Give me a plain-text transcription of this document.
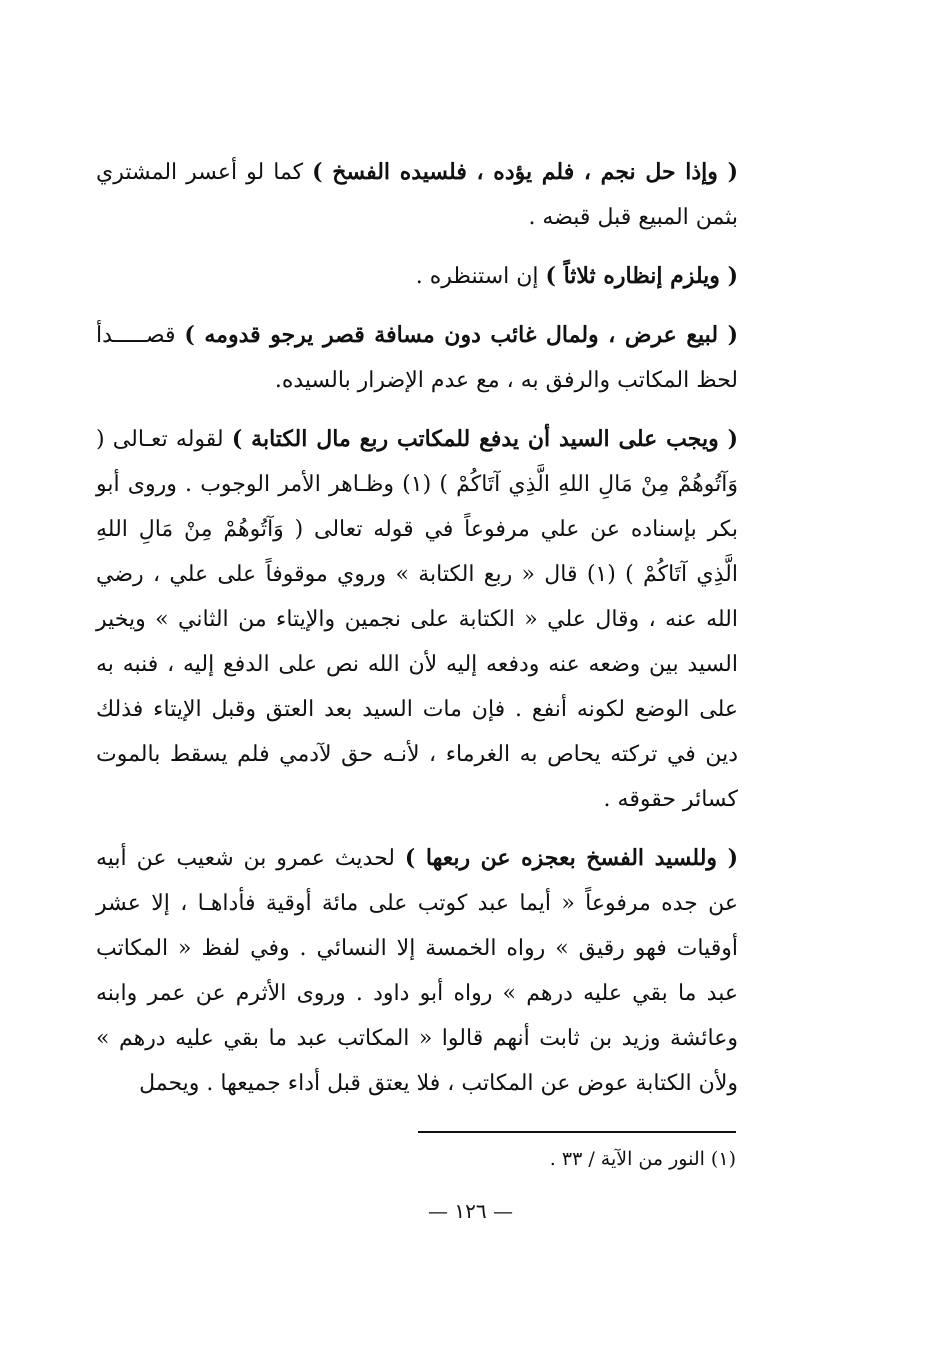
( وإذا حل نجم ، فلم يؤده ، فلسيده الفسخ ) كما لو أعسر المشتري بثمن المبيع قبل قبضه .

( ويلزم إنظاره ثلاثاً ) إن استنظره .

( لبيع عرض ، ولمال غائب دون مسافة قصر يرجو قدومه ) قصـــــدأ لحظ المكاتب والرفق به ، مع عدم الإضرار بالسيده.

( ويجب على السيد أن يدفع للمكاتب ربع مال الكتابة ) لقوله تعـالى ( وَآتُوهُمْ مِنْ مَالِ اللهِ الَّذِي آتَاكُمْ ) (١) وظـاهر الأمر الوجوب . وروى أبو بكر بإسناده عن علي مرفوعاً في قوله تعالى ( وَآتُوهُمْ مِنْ مَالِ اللهِ الَّذِي آتَاكُمْ ) (١) قال « ربع الكتابة » وروي موقوفاً على علي ، رضي الله عنه ، وقال علي « الكتابة على نجمين والإيتاء من الثاني » ويخير السيد بين وضعه عنه ودفعه إليه لأن الله نص على الدفع إليه ، فنبه به على الوضع لكونه أنفع . فإن مات السيد بعد العتق وقبل الإيتاء فذلك دين في تركته يحاص به الغرماء ، لأنـه حق لآدمي فلم يسقط بالموت كسائر حقوقه .

( وللسيد الفسخ بعجزه عن ربعها ) لحديث عمرو بن شعيب عن أبيه عن جده مرفوعاً « أيما عبد كوتب على مائة أوقية فأداهـا ، إلا عشر أوقيات فهو رقيق » رواه الخمسة إلا النسائي . وفي لفظ « المكاتب عبد ما بقي عليه درهم » رواه أبو داود . وروى الأثرم عن عمر وابنه وعائشة وزيد بن ثابت أنهم قالوا « المكاتب عبد ما بقي عليه درهم » ولأن الكتابة عوض عن المكاتب ، فلا يعتق قبل أداء جميعها . ويحمل

(١) النور من الآية / ٣٣ .
— ١٢٦ —
